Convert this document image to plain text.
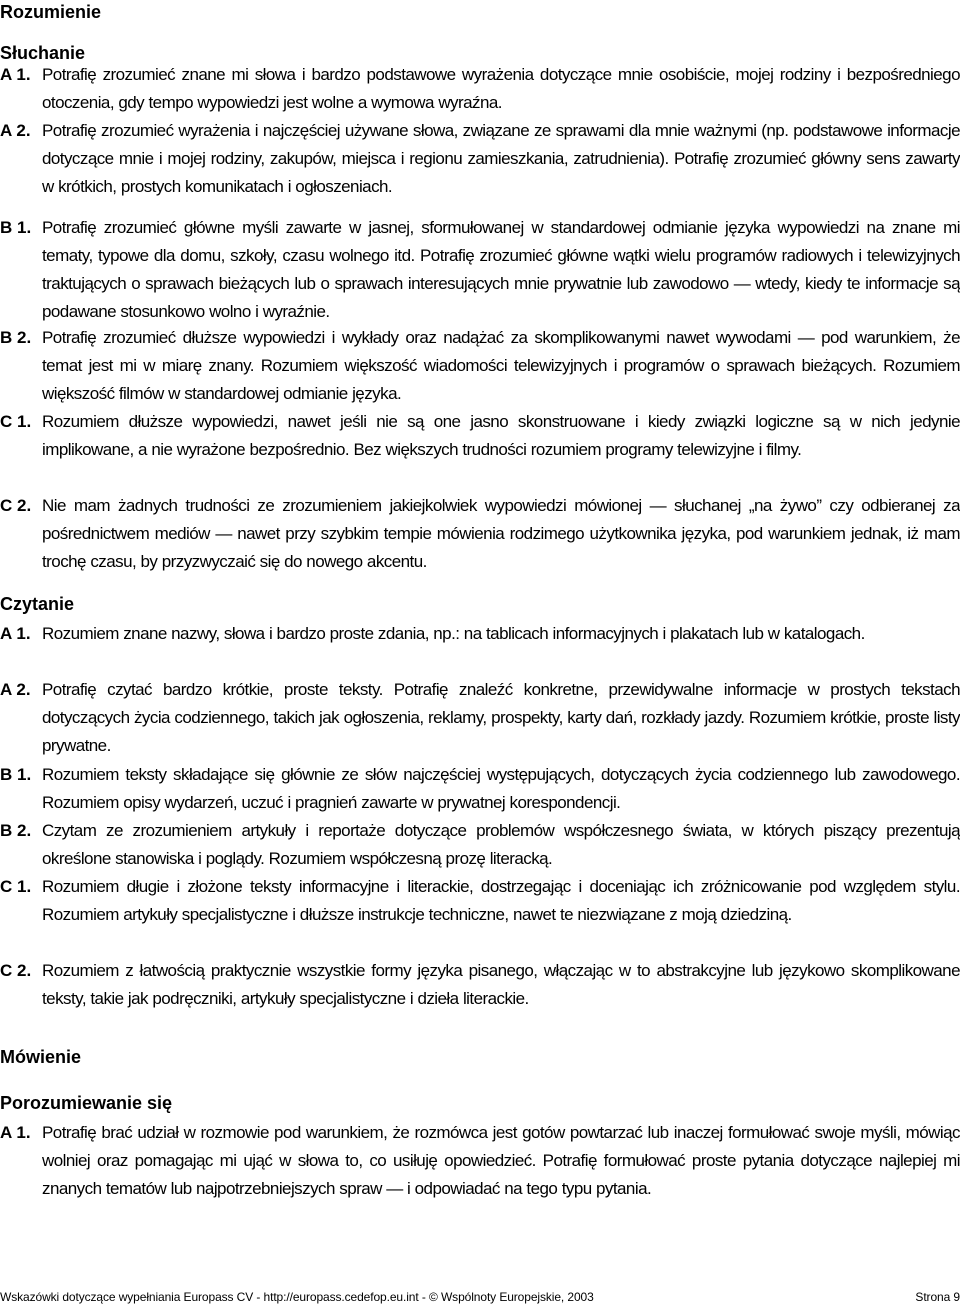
Rozumienie
Słuchanie
A 1. Potrafię zrozumieć znane mi słowa i bardzo podstawowe wyrażenia dotyczące mnie osobiście, mojej rodziny i bezpośredniego otoczenia, gdy tempo wypowiedzi jest wolne a wymowa wyraźna.
A 2. Potrafię zrozumieć wyrażenia i najczęściej używane słowa, związane ze sprawami dla mnie ważnymi (np. podstawowe informacje dotyczące mnie i mojej rodziny, zakupów, miejsca i regionu zamieszkania, zatrudnienia). Potrafię zrozumieć główny sens zawarty w krótkich, prostych komunikatach i ogłoszeniach.
B 1. Potrafię zrozumieć główne myśli zawarte w jasnej, sformułowanej w standardowej odmianie języka wypowiedzi na znane mi tematy, typowe dla domu, szkoły, czasu wolnego itd. Potrafię zrozumieć główne wątki wielu programów radiowych i telewizyjnych traktujących o sprawach bieżących lub o sprawach interesujących mnie prywatnie lub zawodowo — wtedy, kiedy te informacje są podawane stosunkowo wolno i wyraźnie.
B 2. Potrafię zrozumieć dłuższe wypowiedzi i wykłady oraz nadążać za skomplikowanymi nawet wywodami — pod warunkiem, że temat jest mi w miarę znany. Rozumiem większość wiadomości telewizyjnych i programów o sprawach bieżących. Rozumiem większość filmów w standardowej odmianie języka.
C 1. Rozumiem dłuższe wypowiedzi, nawet jeśli nie są one jasno skonstruowane i kiedy związki logiczne są w nich jedynie implikowane, a nie wyrażone bezpośrednio. Bez większych trudności rozumiem programy telewizyjne i filmy.
C 2. Nie mam żadnych trudności ze zrozumieniem jakiejkolwiek wypowiedzi mówionej — słuchanej „na żywo” czy odbieranej za pośrednictwem mediów — nawet przy szybkim tempie mówienia rodzimego użytkownika języka, pod warunkiem jednak, iż mam trochę czasu, by przyzwyczaić się do nowego akcentu.
Czytanie
A 1. Rozumiem znane nazwy, słowa i bardzo proste zdania, np.: na tablicach informacyjnych i plakatach lub w katalogach.
A 2. Potrafię czytać bardzo krótkie, proste teksty. Potrafię znaleźć konkretne, przewidywalne informacje w prostych tekstach dotyczących życia codziennego, takich jak ogłoszenia, reklamy, prospekty, karty dań, rozkłady jazdy. Rozumiem krótkie, proste listy prywatne.
B 1. Rozumiem teksty składające się głównie ze słów najczęściej występujących, dotyczących życia codziennego lub zawodowego. Rozumiem opisy wydarzeń, uczuć i pragnień zawarte w prywatnej korespondencji.
B 2. Czytam ze zrozumieniem artykuły i reportaże dotyczące problemów współczesnego świata, w których piszący prezentują określone stanowiska i poglądy. Rozumiem współczesną prozę literacką.
C 1. Rozumiem długie i złożone teksty informacyjne i literackie, dostrzegając i doceniając ich zróżnicowanie pod względem stylu. Rozumiem artykuły specjalistyczne i dłuższe instrukcje techniczne, nawet te niezwiązane z moją dziedziną.
C 2. Rozumiem z łatwością praktycznie wszystkie formy języka pisanego, włączając w to abstrakcyjne lub językowo skomplikowane teksty, takie jak podręczniki, artykuły specjalistyczne i dzieła literackie.
Mówienie
Porozumiewanie się
A 1. Potrafię brać udział w rozmowie pod warunkiem, że rozmówca jest gotów powtarzać lub inaczej formułować swoje myśli, mówiąc wolniej oraz pomagając mi ująć w słowa to, co usiłuję opowiedzieć. Potrafię formułować proste pytania dotyczące najlepiej mi znanych tematów lub najpotrzebniejszych spraw — i odpowiadać na tego typu pytania.
Wskazówki dotyczące wypełniania Europass CV - http://europass.cedefop.eu.int - © Wspólnoty Europejskie, 2003	Strona 9
